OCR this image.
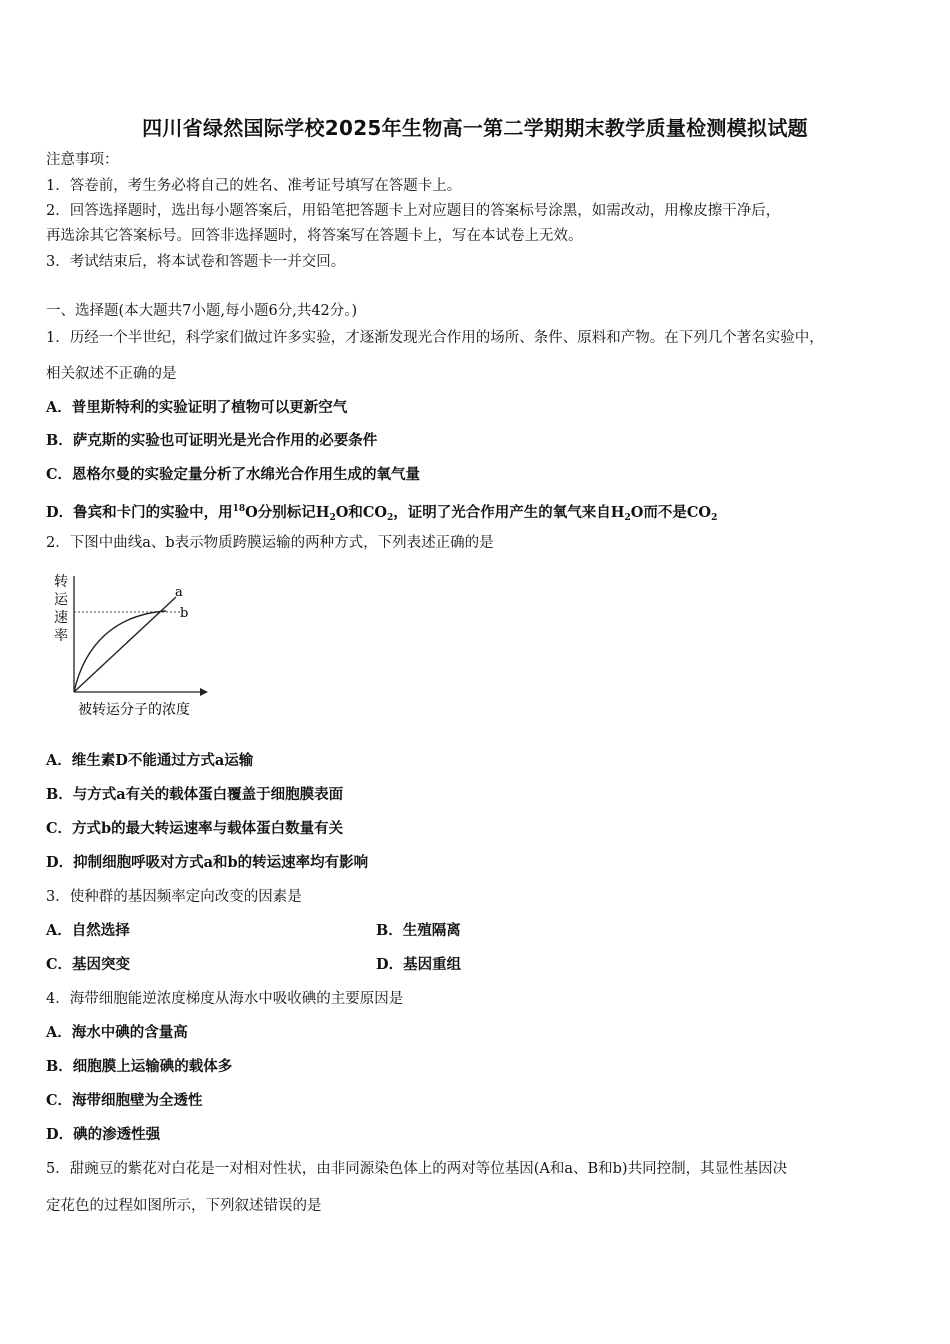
四川省绿然国际学校2025年生物高一第二学期期末教学质量检测模拟试题
注意事项：
1．答卷前，考生务必将自己的姓名、准考证号填写在答题卡上。
2．回答选择题时，选出每小题答案后，用铅笔把答题卡上对应题目的答案标号涂黑，如需改动，用橡皮擦干净后，
再选涂其它答案标号。回答非选择题时，将答案写在答题卡上，写在本试卷上无效。
3．考试结束后，将本试卷和答题卡一并交回。
一、选择题(本大题共7小题,每小题6分,共42分。)
1．历经一个半世纪，科学家们做过许多实验，才逐渐发现光合作用的场所、条件、原料和产物。在下列几个著名实验中，
相关叙述不正确的是
A．普里斯特利的实验证明了植物可以更新空气
B．萨克斯的实验也可证明光是光合作用的必要条件
C．恩格尔曼的实验定量分析了水绵光合作用生成的氧气量
D．鲁宾和卡门的实验中，用$^{18}$O分别标记$H_2O$和$CO_2$，证明了光合作用产生的氧气来自$H_2O$而不是$CO_2$
2．下图中曲线a、b表示物质跨膜运输的两种方式，下列表述正确的是
转
运
速
率
a
b
被转运分子的浓度
A．维生素D不能通过方式a运输
B．与方式a有关的载体蛋白覆盖于细胞膜表面
C．方式b的最大转运速率与载体蛋白数量有关
D．抑制细胞呼吸对方式a和b的转运速率均有影响
3．使种群的基因频率定向改变的因素是
A．自然选择	B．生殖隔离
C．基因突变	D．基因重组
4．海带细胞能逆浓度梯度从海水中吸收碘的主要原因是
A．海水中碘的含量高
B．细胞膜上运输碘的载体多
C．海带细胞壁为全透性
D．碘的渗透性强
5．甜豌豆的紫花对白花是一对相对性状，由非同源染色体上的两对等位基因(A和a、B和b)共同控制，其显性基因决
定花色的过程如图所示，下列叙述错误的是
